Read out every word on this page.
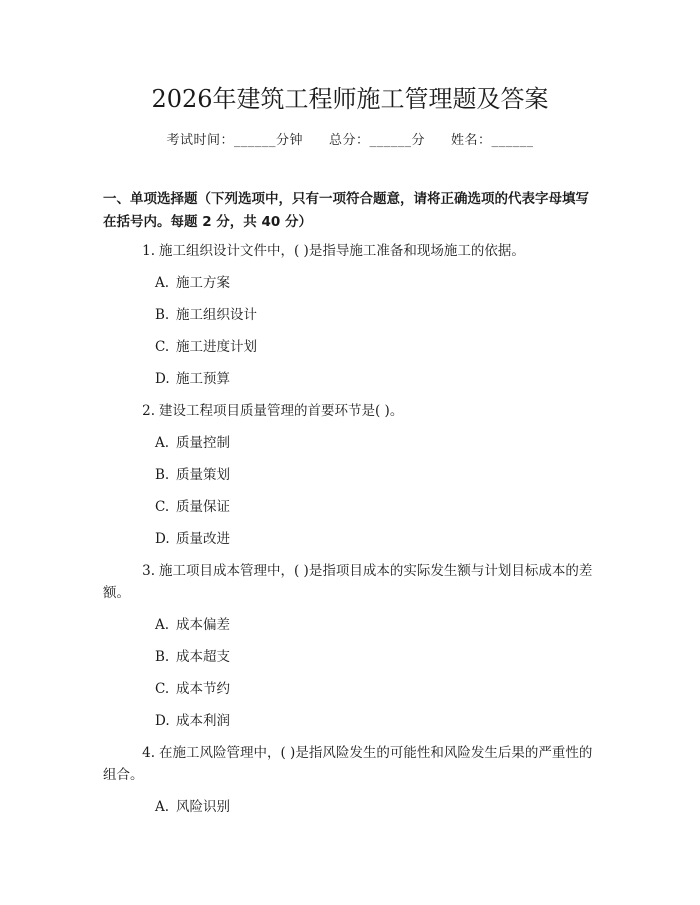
2026年建筑工程师施工管理题及答案
考试时间：______分钟 总分：______分 姓名：______
一、单项选择题（下列选项中，只有一项符合题意，请将正确选项的代表字母填写在括号内。每题 2 分，共 40 分）

1. 施工组织设计文件中，( )是指导施工准备和现场施工的依据。

A. 施工方案
B. 施工组织设计
C. 施工进度计划
D. 施工预算

2. 建设工程项目质量管理的首要环节是( )。

A. 质量控制
B. 质量策划
C. 质量保证
D. 质量改进

3. 施工项目成本管理中，( )是指项目成本的实际发生额与计划目标成本的差额。

A. 成本偏差
B. 成本超支
C. 成本节约
D. 成本利润

4. 在施工风险管理中，( )是指风险发生的可能性和风险发生后果的严重性的组合。

A. 风险识别
